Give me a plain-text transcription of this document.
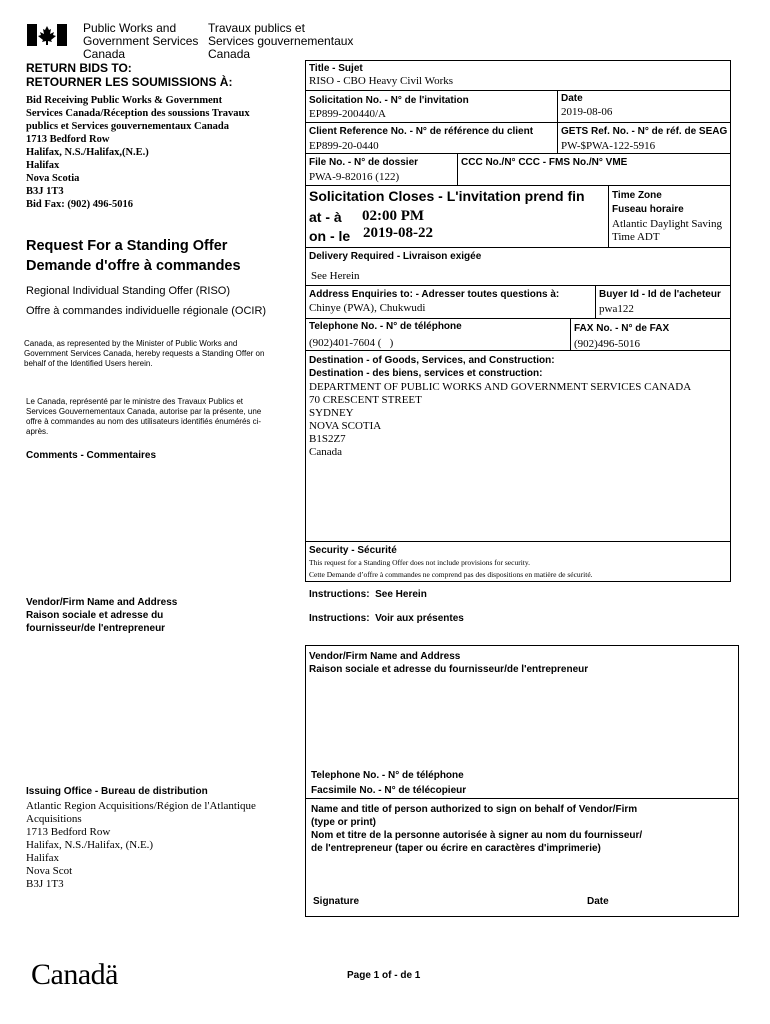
Public Works and
Government Services
Canada
Travaux publics et
Services gouvernementaux
Canada
RETURN BIDS TO:
RETOURNER LES SOUMISSIONS À:
Bid Receiving Public Works & Government
Services Canada/Réception des soussions Travaux
publics et Services gouvernementaux Canada
1713 Bedford Row
Halifax, N.S./Halifax,(N.E.)
Halifax
Nova Scotia
B3J 1T3
Bid Fax: (902) 496-5016
Request For a Standing Offer
Demande d'offre à commandes
Regional Individual Standing Offer (RISO)
Offre à commandes individuelle régionale (OCIR)
Canada, as represented by the Minister of Public Works and Government Services Canada, hereby requests a Standing Offer on behalf of the Identified Users herein.
Le Canada, représenté par le ministre des Travaux Publics et Services Gouvernementaux Canada, autorise par la présente, une offre à commandes au nom des utilisateurs identifiés énumérés ci-après.
Comments - Commentaires
Vendor/Firm Name and Address
Raison sociale et adresse du
fournisseur/de l'entrepreneur
Issuing Office - Bureau de distribution
Atlantic Region Acquisitions/Région de l'Atlantique
Acquisitions
1713 Bedford Row
Halifax, N.S./Halifax, (N.E.)
Halifax
Nova Scot
B3J 1T3
Title - Sujet
RISO - CBO Heavy Civil Works
Solicitation No. - N° de l'invitation
EP899-200440/A
Date
2019-08-06
Client Reference No. - N° de référence du client
EP899-20-0440
GETS Ref. No. - N° de réf. de SEAG
PW-$PWA-122-5916
File No. - N° de dossier
PWA-9-82016 (122)
CCC No./N° CCC - FMS No./N° VME
Solicitation Closes - L'invitation prend fin
at - à 02:00 PM
on - le 2019-08-22
Time Zone
Fuseau horaire
Atlantic Daylight Saving
Time ADT
Delivery Required - Livraison exigée
See Herein
Address Enquiries to: - Adresser toutes questions à:
Chinye (PWA), Chukwudi
Buyer Id - Id de l'acheteur
pwa122
Telephone No. - N° de téléphone
(902)401-7604 (   )
FAX No. - N° de FAX
(902)496-5016
Destination - of Goods, Services, and Construction:
Destination - des biens, services et construction:
DEPARTMENT OF PUBLIC WORKS AND GOVERNMENT SERVICES CANADA
70 CRESCENT STREET
SYDNEY
NOVA SCOTIA
B1S2Z7
Canada
Security - Sécurité
This request for a Standing Offer does not include provisions for security.
Cette Demande d’offre à commandes ne comprend pas des dispositions en matière de sécurité.
Instructions:  See Herein
Instructions:  Voir aux présentes
Vendor/Firm Name and Address
Raison sociale et adresse du fournisseur/de l'entrepreneur
Telephone No. - N° de téléphone
Facsimile No. - N° de télécopieur
Name and title of person authorized to sign on behalf of Vendor/Firm
(type or print)
Nom et titre de la personne autorisée à signer au nom du fournisseur/
de l'entrepreneur (taper ou écrire en caractères d'imprimerie)
Signature	Date
Canadä	Page 1 of - de 1
